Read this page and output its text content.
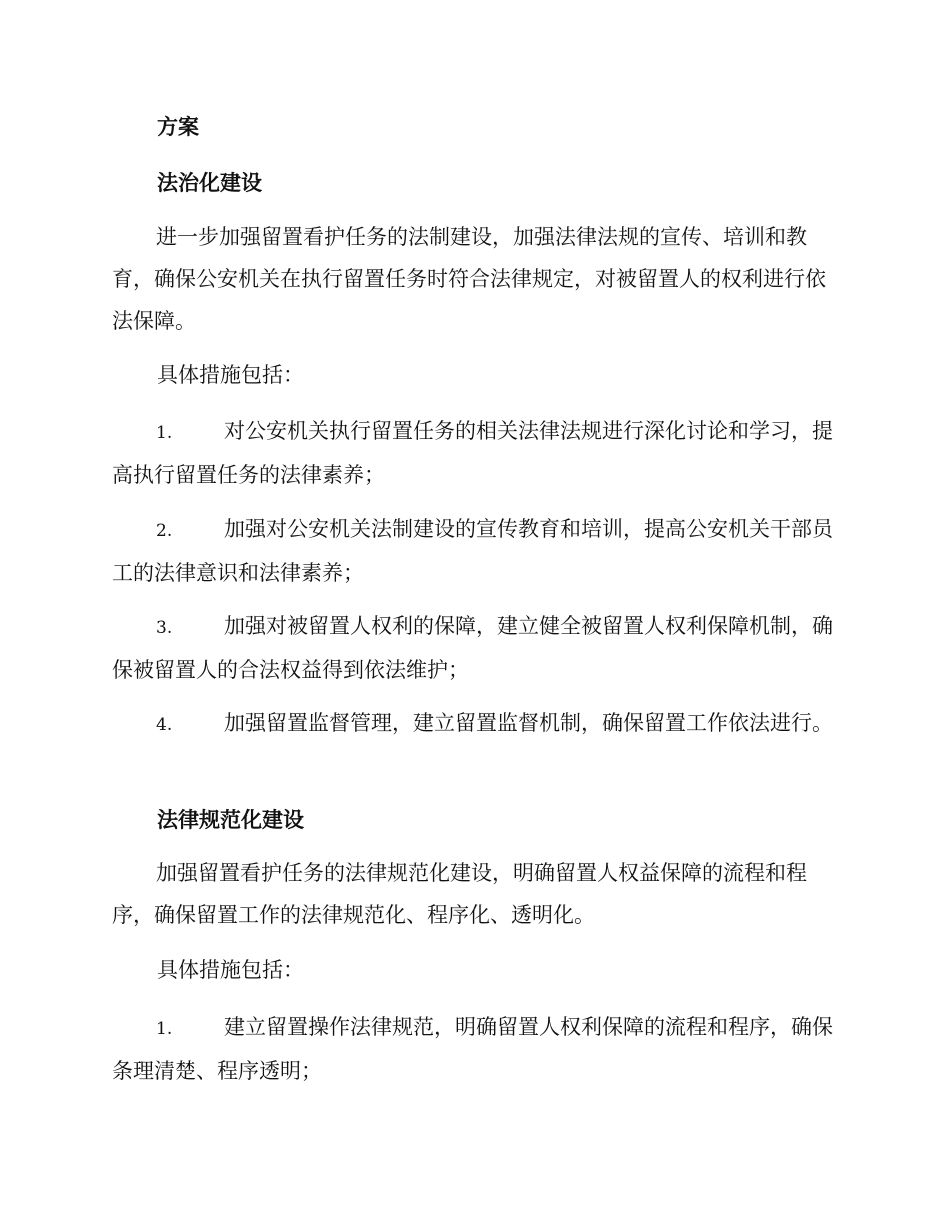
方案

法治化建设

进一步加强留置看护任务的法制建设，加强法律法规的宣传、培训和教育，确保公安机关在执行留置任务时符合法律规定，对被留置人的权利进行依法保障。

具体措施包括：

1. 对公安机关执行留置任务的相关法律法规进行深化讨论和学习，提高执行留置任务的法律素养；

2. 加强对公安机关法制建设的宣传教育和培训，提高公安机关干部员工的法律意识和法律素养；

3. 加强对被留置人权利的保障，建立健全被留置人权利保障机制，确保被留置人的合法权益得到依法维护；

4. 加强留置监督管理，建立留置监督机制，确保留置工作依法进行。

法律规范化建设

加强留置看护任务的法律规范化建设，明确留置人权益保障的流程和程序，确保留置工作的法律规范化、程序化、透明化。

具体措施包括：

1. 建立留置操作法律规范，明确留置人权利保障的流程和程序，确保条理清楚、程序透明；
